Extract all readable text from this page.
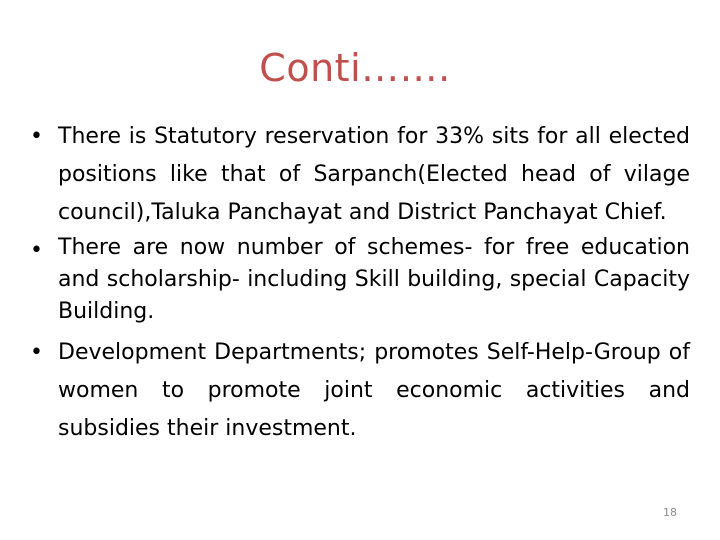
Conti…….
• There is Statutory reservation for 33% sits for all elected positions like that of Sarpanch(Elected head of vilage council),Taluka Panchayat and District Panchayat Chief.
• There are now number of schemes- for free education and scholarship- including Skill building, special Capacity Building.
• Development Departments; promotes Self-Help-Group of women to promote joint economic activities and subsidies their investment.
18
